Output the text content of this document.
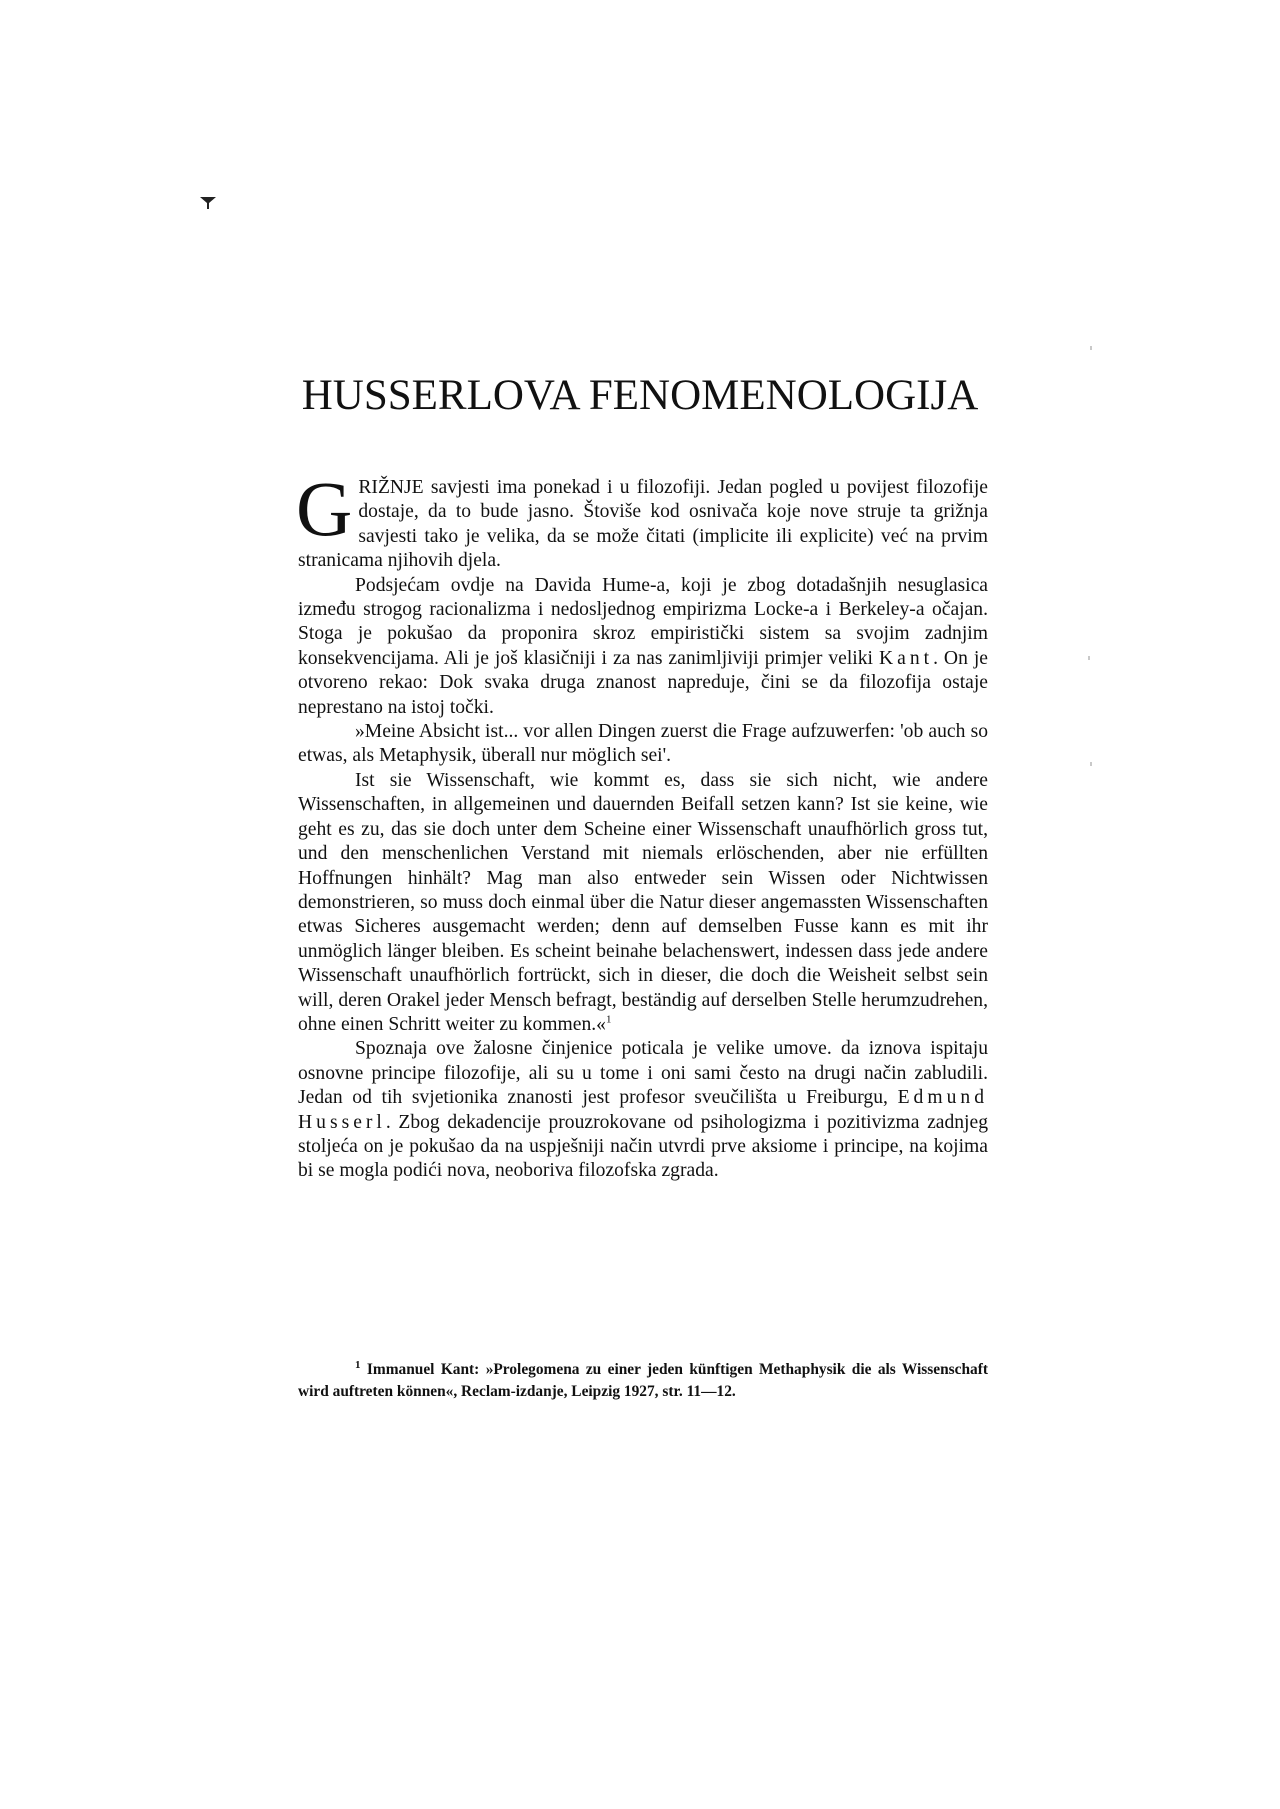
HUSSERLOVA FENOMENOLOGIJA

GRIŽNJE savjesti ima ponekad i u filozofiji. Jedan pogled u povijest filozofije dostaje, da to bude jasno. Štoviše kod osnivača koje nove struje ta grižnja savjesti tako je velika, da se može čitati (implicite ili explicite) već na prvim stranicama njihovih djela.

Podsjećam ovdje na Davida Hume-a, koji je zbog dotadašnjih nesuglasica između strogog racionalizma i nedosljednog empirizma Locke-a i Berkeley-a očajan. Stoga je pokušao da proponira skroz empiristički sistem sa svojim zadnjim konsekvencijama. Ali je još klasičniji i za nas zanimljiviji primjer veliki Kant. On je otvoreno rekao: Dok svaka druga znanost napreduje, čini se da filozofija ostaje neprestano na istoj točki.

»Meine Absicht ist... vor allen Dingen zuerst die Frage aufzuwerfen: 'ob auch so etwas, als Metaphysik, überall nur möglich sei'.

Ist sie Wissenschaft, wie kommt es, dass sie sich nicht, wie andere Wissenschaften, in allgemeinen und dauernden Beifall setzen kann? Ist sie keine, wie geht es zu, das sie doch unter dem Scheine einer Wissenschaft unaufhörlich gross tut, und den menschenlichen Verstand mit niemals erlöschenden, aber nie erfüllten Hoffnungen hinhält? Mag man also entweder sein Wissen oder Nichtwissen demonstrieren, so muss doch einmal über die Natur dieser angemassten Wissenschaften etwas Sicheres ausgemacht werden; denn auf demselben Fusse kann es mit ihr unmöglich länger bleiben. Es scheint beinahe belachenswert, indessen dass jede andere Wissenschaft unaufhörlich fortrückt, sich in dieser, die doch die Weisheit selbst sein will, deren Orakel jeder Mensch befragt, beständig auf derselben Stelle herumzudrehen, ohne einen Schritt weiter zu kommen.«$^1$

Spoznaja ove žalosne činjenice poticala je velike umove. da iznova ispitaju osnovne principe filozofije, ali su u tome i oni sami često na drugi način zabludili. Jedan od tih svjetionika znanosti jest profesor sveučilišta u Freiburgu, Edmund Husserl. Zbog dekadencije prouzrokovane od psihologizma i pozitivizma zadnjeg stoljeća on je pokušao da na uspješniji način utvrdi prve aksiome i principe, na kojima bi se mogla podići nova, neoboriva filozofska zgrada.

$^1$ Immanuel Kant: »Prolegomena zu einer jeden künftigen Methaphysik die als Wissenschaft wird auftreten können«, Reclam-izdanje, Leipzig 1927, str. 11—12.
